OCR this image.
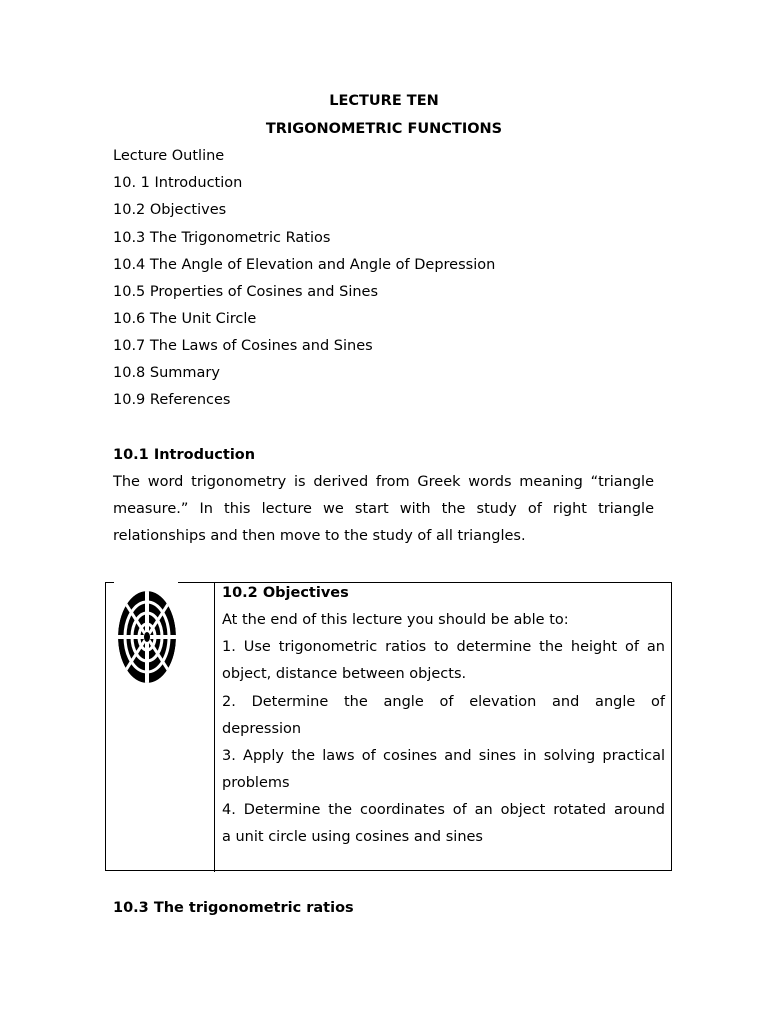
LECTURE TEN
TRIGONOMETRIC FUNCTIONS
Lecture Outline
10. 1 Introduction
10.2 Objectives
10.3 The Trigonometric Ratios
10.4 The Angle of Elevation and Angle of Depression
10.5 Properties of Cosines and Sines
10.6 The Unit Circle
10.7 The Laws of Cosines and Sines
10.8 Summary
10.9 References
10.1 Introduction
The word trigonometry is derived from Greek words meaning “triangle
measure.” In this lecture we start with the study of right triangle
relationships and then move to the study of all triangles.
10.2 Objectives
At the end of this lecture you should be able to:
1. Use trigonometric ratios to determine the height of an
object, distance between objects.
2. Determine the angle of elevation and angle of
depression
3. Apply the laws of cosines and sines in solving practical
problems
4. Determine the coordinates of an object rotated around
a unit circle using cosines and sines
10.3 The trigonometric ratios
